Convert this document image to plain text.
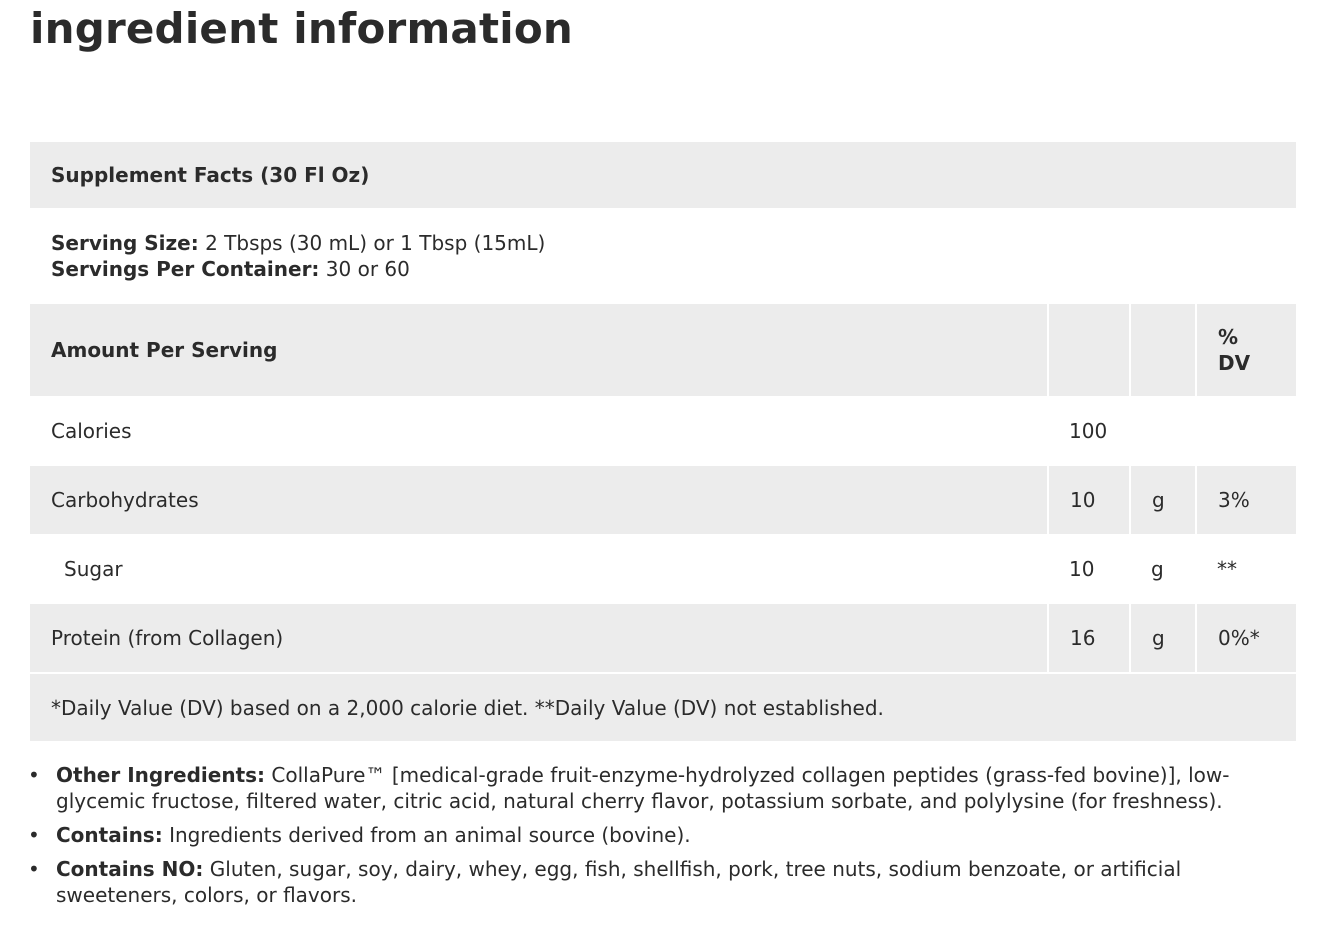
ingredient information
Supplement Facts (30 Fl Oz)			

Serving Size: 2 Tbsps (30 mL) or 1 Tbsp (15mL)
Servings Per Container: 30 or 60			

Amount Per Serving			% DV

Calories	100		
Carbohydrates	10	g	3%
Sugar	10	g	**
Protein (from Collagen)	16	g	0%*
*Daily Value (DV) based on a 2,000 calorie diet. **Daily Value (DV) not established.			
• Other Ingredients: CollaPure™ [medical-grade fruit-enzyme-hydrolyzed collagen peptides (grass-fed bovine)], low-glycemic fructose, filtered water, citric acid, natural cherry flavor, potassium sorbate, and polylysine (for freshness).
• Contains: Ingredients derived from an animal source (bovine).
• Contains NO: Gluten, sugar, soy, dairy, whey, egg, fish, shellfish, pork, tree nuts, sodium benzoate, or artificial sweeteners, colors, or flavors.
